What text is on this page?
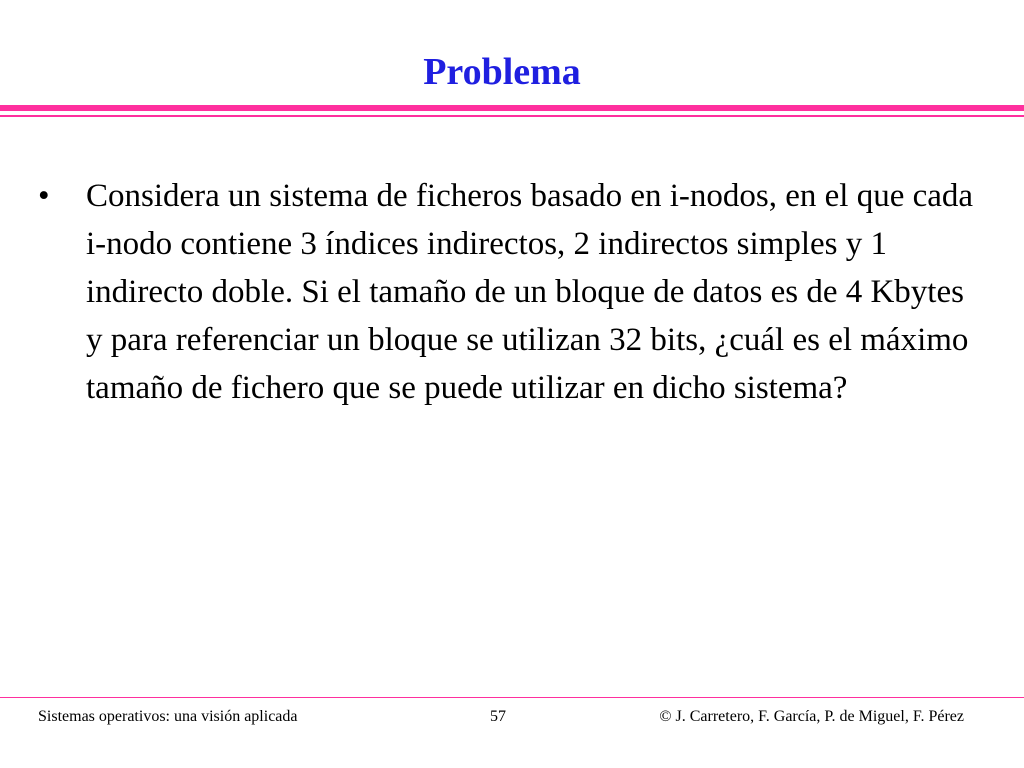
Problema
•	Considera un sistema de ficheros basado en i-nodos, en el que cada i-nodo contiene 3 índices indirectos, 2 indirectos simples y 1 indirecto doble. Si el tamaño de un bloque de datos es de 4 Kbytes y para referenciar un bloque se utilizan 32 bits, ¿cuál es el máximo tamaño de fichero que se puede utilizar en dicho sistema?
Sistemas operativos: una visión aplicada	57	© J. Carretero, F. García, P. de Miguel, F. Pérez
